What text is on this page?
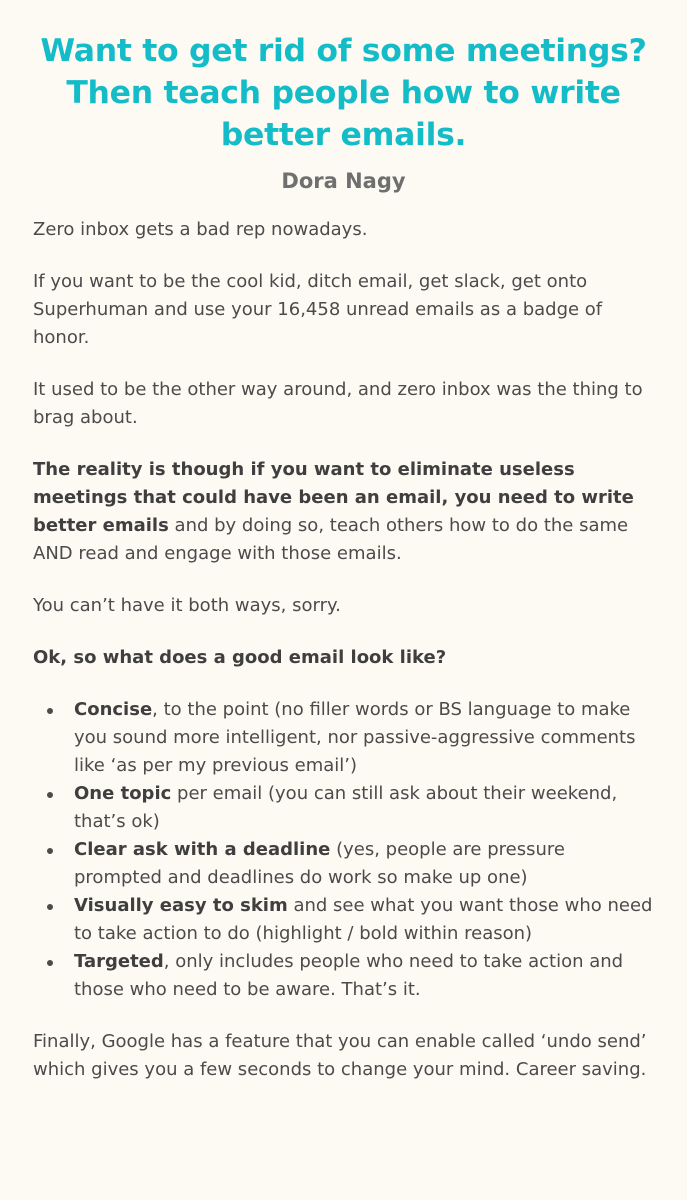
Want to get rid of some meetings?
Then teach people how to write
better emails.
Dora Nagy

Zero inbox gets a bad rep nowadays.

If you want to be the cool kid, ditch email, get slack, get onto Superhuman and use your 16,458 unread emails as a badge of honor.

It used to be the other way around, and zero inbox was the thing to brag about.

The reality is though if you want to eliminate useless meetings that could have been an email, you need to write better emails and by doing so, teach others how to do the same AND read and engage with those emails.

You can’t have it both ways, sorry.

Ok, so what does a good email look like?

Concise, to the point (no filler words or BS language to make you sound more intelligent, nor passive-aggressive comments like ‘as per my previous email’)
One topic per email (you can still ask about their weekend, that’s ok)
Clear ask with a deadline (yes, people are pressure prompted and deadlines do work so make up one)
Visually easy to skim and see what you want those who need to take action to do (highlight / bold within reason)
Targeted, only includes people who need to take action and those who need to be aware. That’s it.

Finally, Google has a feature that you can enable called ‘undo send’ which gives you a few seconds to change your mind. Career saving.
